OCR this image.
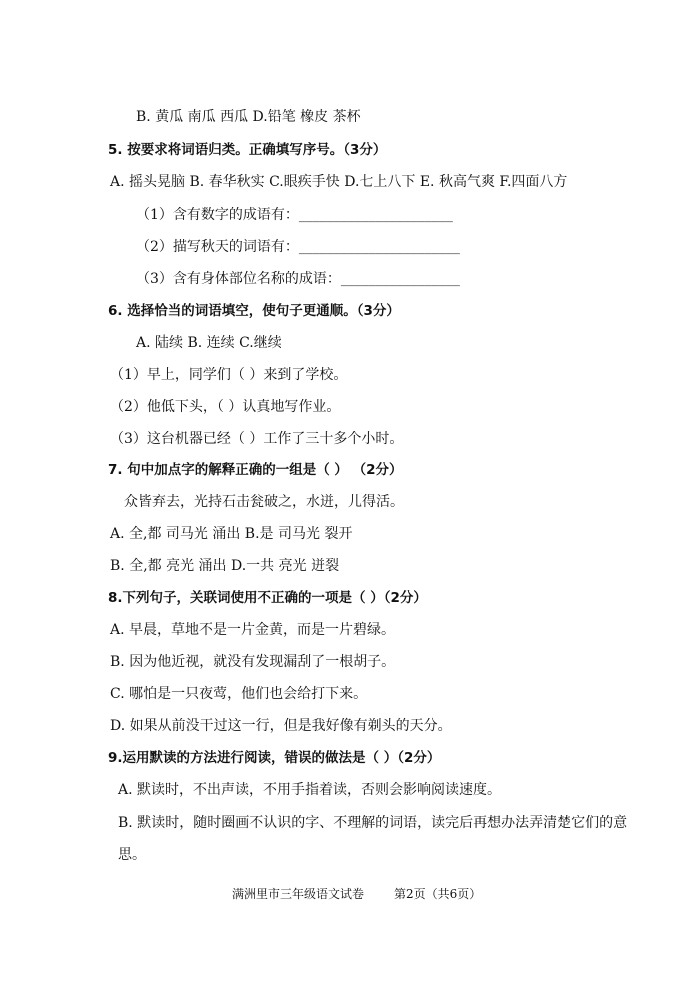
B. 黄瓜 南瓜 西瓜 D.铅笔 橡皮 茶杯
5. 按要求将词语归类。正确填写序号。（3分）
A. 摇头晃脑 B. 春华秋实 C.眼疾手快 D.七上八下 E. 秋高气爽 F.四面八方
（1）含有数字的成语有：______________________
（2）描写秋天的词语有：_______________________
（3）含有身体部位名称的成语：_________________
6. 选择恰当的词语填空，使句子更通顺。（3分）
A. 陆续 B. 连续 C.继续
（1）早上，同学们（ ）来到了学校。
（2）他低下头，（ ）认真地写作业。
（3）这台机器已经（ ）工作了三十多个小时。
7. 句中加点字的解释正确的一组是（ ） （2分）
众皆弃去，光持石击瓮破之，水迸，儿得活。
A. 全,都 司马光 涌出 B.是 司马光 裂开
B. 全,都 亮光 涌出 D.一共 亮光 迸裂
8.下列句子，关联词使用不正确的一项是（ ）（2分）
A. 早晨，草地不是一片金黄，而是一片碧绿。
B. 因为他近视，就没有发现漏刮了一根胡子。
C. 哪怕是一只夜莺，他们也会给打下来。
D. 如果从前没干过这一行，但是我好像有剃头的天分。
9.运用默读的方法进行阅读，错误的做法是（ ）（2分）
A. 默读时，不出声读，不用手指着读，否则会影响阅读速度。
B. 默读时，随时圈画不认识的字、不理解的词语，读完后再想办法弄清楚它们的意
思。
满洲里市三年级语文试卷	第2页（共6页）
